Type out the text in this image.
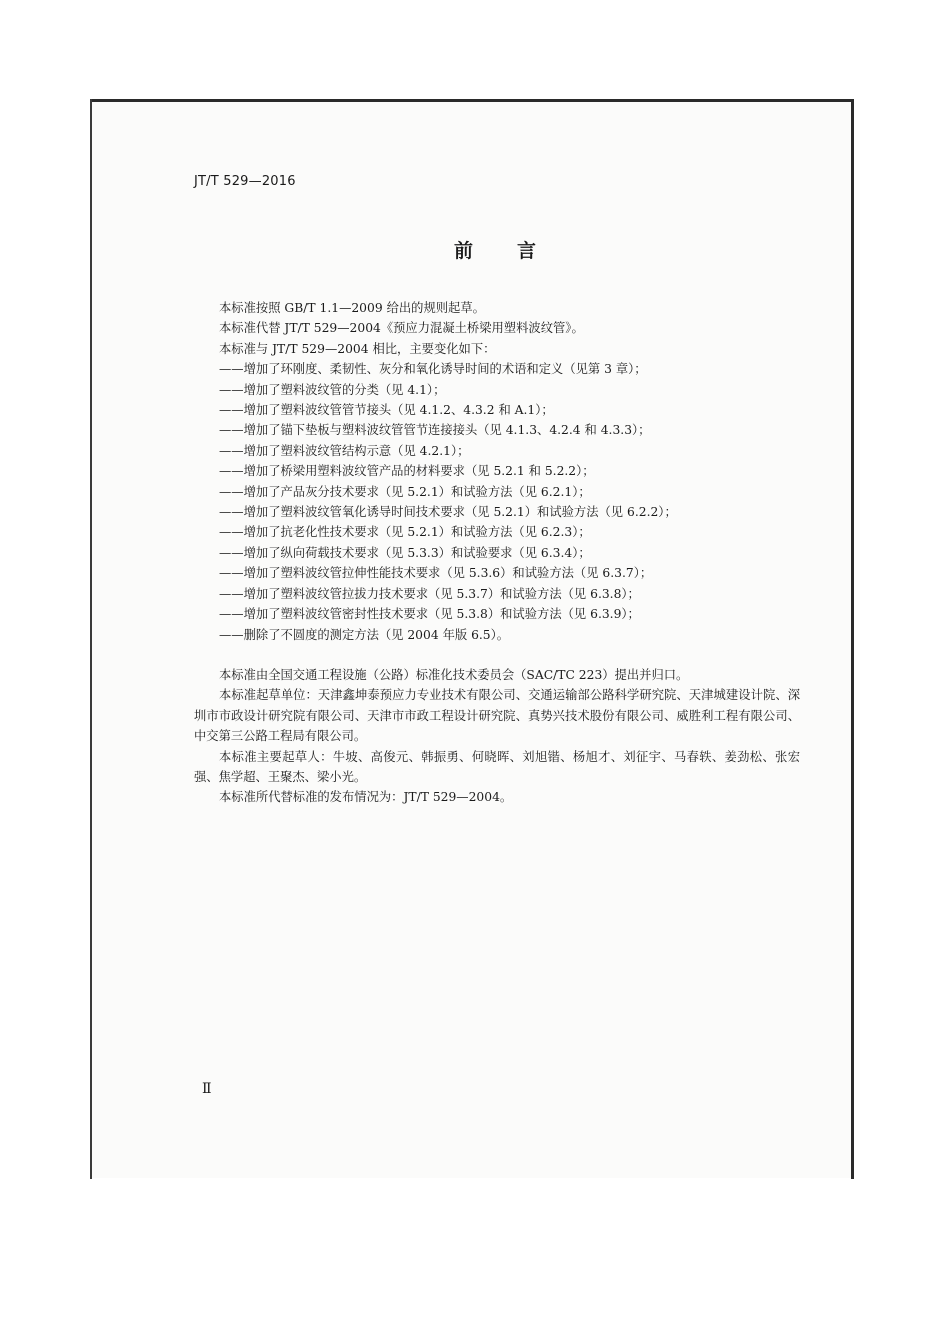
JT/T 529—2016
前 言
本标准按照 GB/T 1.1—2009 给出的规则起草。
本标准代替 JT/T 529—2004《预应力混凝土桥梁用塑料波纹管》。
本标准与 JT/T 529—2004 相比，主要变化如下：
——增加了环刚度、柔韧性、灰分和氧化诱导时间的术语和定义（见第 3 章）；
——增加了塑料波纹管的分类（见 4.1）；
——增加了塑料波纹管管节接头（见 4.1.2、4.3.2 和 A.1）；
——增加了锚下垫板与塑料波纹管管节连接接头（见 4.1.3、4.2.4 和 4.3.3）；
——增加了塑料波纹管结构示意（见 4.2.1）；
——增加了桥梁用塑料波纹管产品的材料要求（见 5.2.1 和 5.2.2）；
——增加了产品灰分技术要求（见 5.2.1）和试验方法（见 6.2.1）；
——增加了塑料波纹管氧化诱导时间技术要求（见 5.2.1）和试验方法（见 6.2.2）；
——增加了抗老化性技术要求（见 5.2.1）和试验方法（见 6.2.3）；
——增加了纵向荷载技术要求（见 5.3.3）和试验要求（见 6.3.4）；
——增加了塑料波纹管拉伸性能技术要求（见 5.3.6）和试验方法（见 6.3.7）；
——增加了塑料波纹管拉拔力技术要求（见 5.3.7）和试验方法（见 6.3.8）；
——增加了塑料波纹管密封性技术要求（见 5.3.8）和试验方法（见 6.3.9）；
——删除了不圆度的测定方法（见 2004 年版 6.5）。
本标准由全国交通工程设施（公路）标准化技术委员会（SAC/TC 223）提出并归口。
本标准起草单位：天津鑫坤泰预应力专业技术有限公司、交通运输部公路科学研究院、天津城建设计院、深圳市市政设计研究院有限公司、天津市市政工程设计研究院、真势兴技术股份有限公司、威胜利工程有限公司、中交第三公路工程局有限公司。
本标准主要起草人：牛坡、高俊元、韩振勇、何晓晖、刘旭锴、杨旭才、刘征宇、马春轶、姜劲松、张宏强、焦学超、王聚杰、梁小光。
本标准所代替标准的发布情况为：JT/T 529—2004。
Ⅱ
